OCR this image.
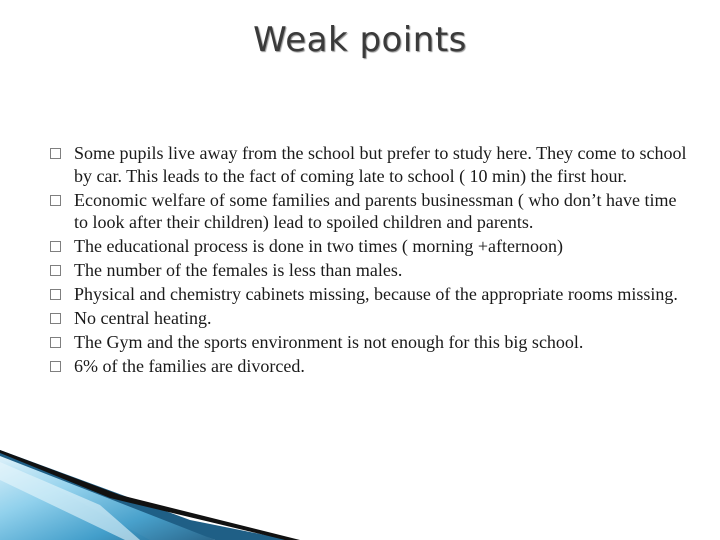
Weak points
Some pupils live away from the school but prefer to study here. They come to school by car. This leads to the fact of coming late to school ( 10 min) the first hour.
Economic welfare of some families and parents businessman ( who don’t have time to look after their children) lead to spoiled children and parents.
The educational process is done in two times ( morning +afternoon)
The number of the females is less than males.
Physical and chemistry cabinets missing, because of the appropriate rooms missing.
No central heating.
The Gym and the sports environment is not enough for this big school.
6% of the families are divorced.
